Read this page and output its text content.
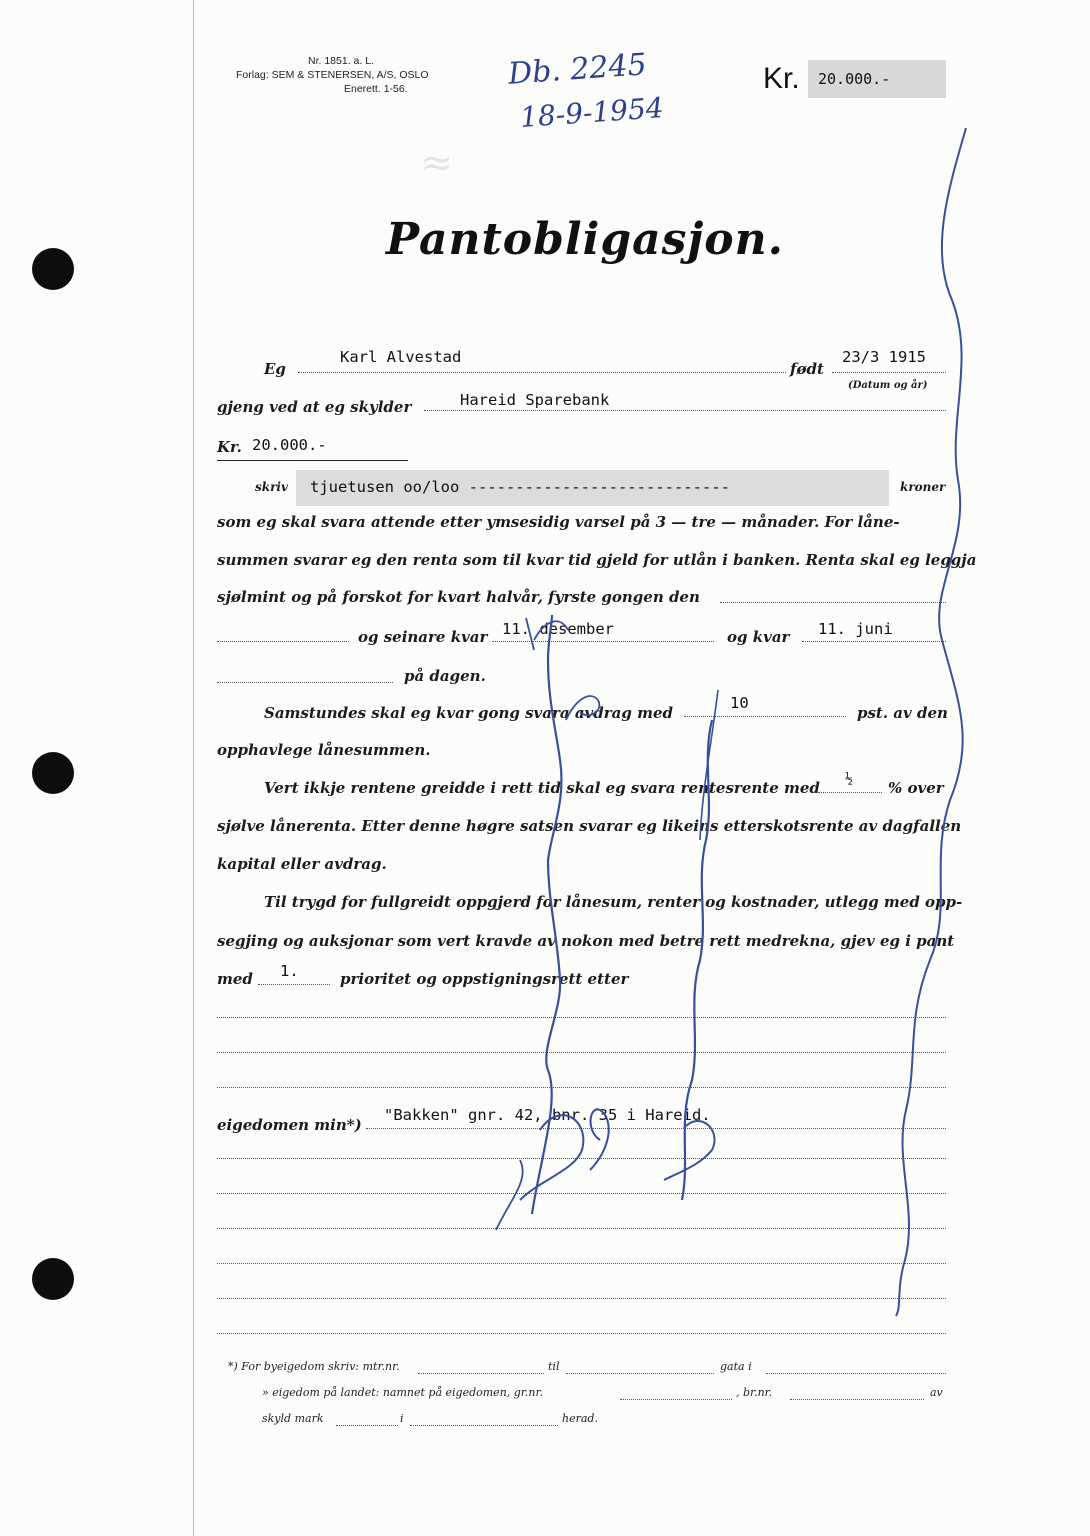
≈
Nr. 1851. a. L.
Forlag: SEM & STENERSEN, A/S, OSLO
Enerett. 1-56.	Db. 2245
18-9-1954
Kr. 20.000.-
Pantobligasjon.
Eg
Karl Alvestad
født
23/3 1915
(Datum og år)
gjeng ved at eg skylder	Hareid Sparebank
Kr. 20.000.-
skriv tjuetusen oo/loo ----------------------------	kroner
som eg skal svara attende etter ymsesidig varsel på 3 — tre — månader. For låne-
summen svarar eg den renta som til kvar tid gjeld for utlån i banken. Renta skal eg leggja
sjølmint og på forskot for kvart halvår, fyrste gongen den
og seinare kvar 11. desember	og kvar 11. juni
på dagen.
Samstundes skal eg kvar gong svara avdrag med
10
pst. av den
opphavlege lånesummen.
Vert ikkje rentene greidde i rett tid skal eg svara rentesrente med ½ % over
sjølve lånerenta. Etter denne høgre satsen svarar eg likeins etterskotsrente av dagfallen
kapital eller avdrag.
Til trygd for fullgreidt oppgjerd for lånesum, renter og kostnader, utlegg med opp-
segjing og auksjonar som vert kravde av nokon med betre rett medrekna, gjev eg i pant
med 1.	prioritet og oppstigningsrett etter
eigedomen min*)
"Bakken" gnr. 42, bnr. 35 i Hareid.
*) For byeigedom skriv: mtr.nr.	til	gata i
» eigedom på landet: namnet på eigedomen, gr.nr.	, br.nr.	av
skyld mark	i	herad.
